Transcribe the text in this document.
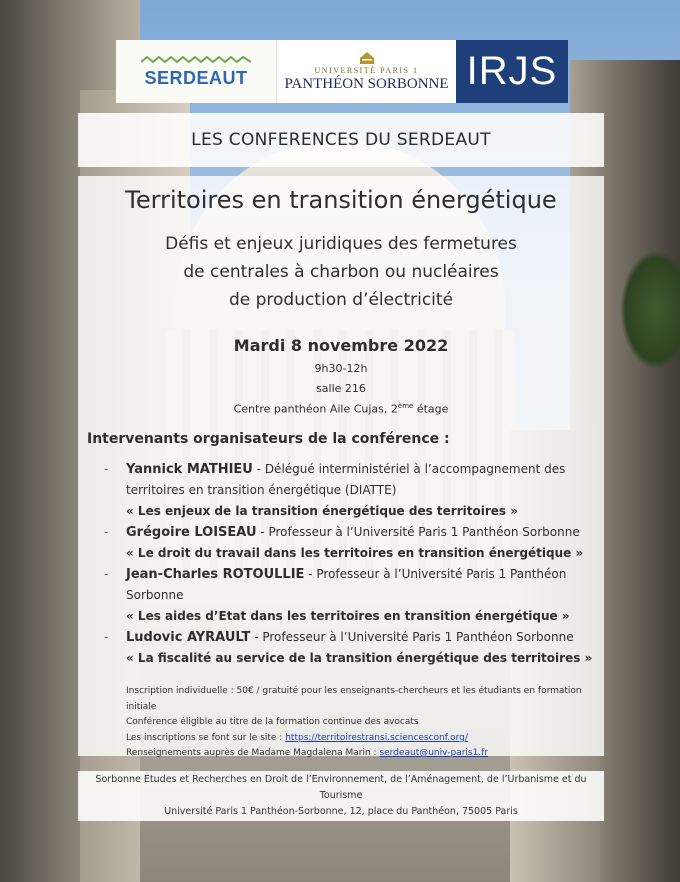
SERDEAUT	UNIVERSITÉ PARIS 1
PANTHÉON SORBONNE IRJS
LES CONFERENCES DU SERDEAUT
Territoires en transition énergétique
Défis et enjeux juridiques des fermetures
de centrales à charbon ou nucléaires
de production d’électricité
Mardi 8 novembre 2022
9h30-12h
salle 216
Centre panthéon Aile Cujas, 2ème étage
Intervenants organisateurs de la conférence :
- Yannick MATHIEU - Délégué interministériel à l’accompagnement des territoires en transition énergétique (DIATTE)
« Les enjeux de la transition énergétique des territoires »
- Grégoire LOISEAU - Professeur à l’Université Paris 1 Panthéon Sorbonne
« Le droit du travail dans les territoires en transition énergétique »
- Jean-Charles ROTOULLIE - Professeur à l’Université Paris 1 Panthéon Sorbonne
« Les aides d’Etat dans les territoires en transition énergétique »
- Ludovic AYRAULT - Professeur à l’Université Paris 1 Panthéon Sorbonne
« La fiscalité au service de la transition énergétique des territoires »
Inscription individuelle : 50€ / gratuité pour les enseignants-chercheurs et les étudiants en formation initiale
Conférence éligible au titre de la formation continue des avocats
Les inscriptions se font sur le site : https://territoirestransi.sciencesconf.org/
Renseignements auprès de Madame Magdalena Marin : serdeaut@univ-paris1.fr
Sorbonne Etudes et Recherches en Droit de l’Environnement, de l’Aménagement, de l’Urbanisme et du Tourisme
Université Paris 1 Panthéon-Sorbonne, 12, place du Panthéon, 75005 Paris
